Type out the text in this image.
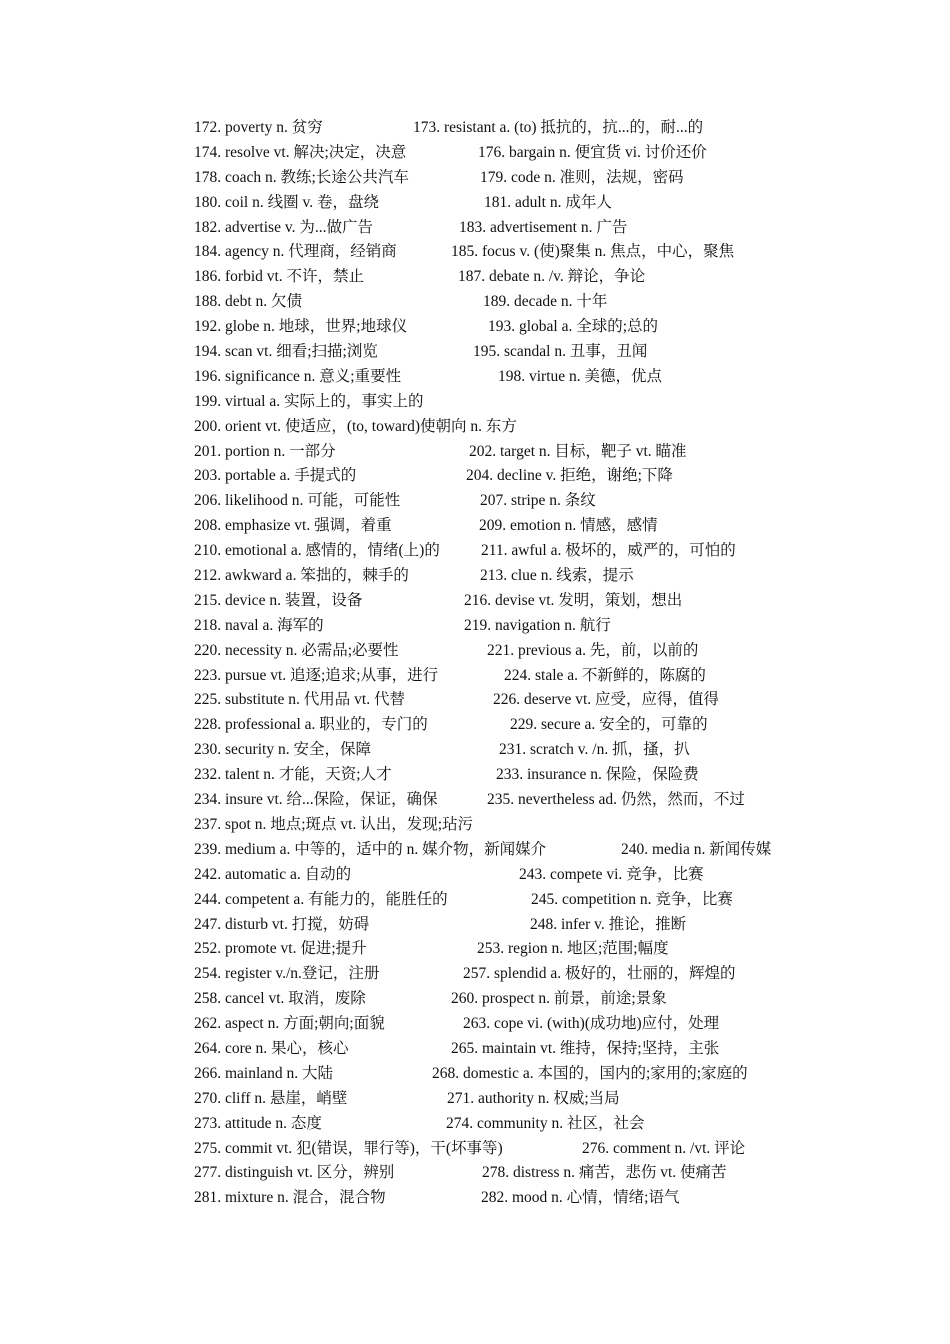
172. poverty n. 贫穷	173. resistant a. (to) 抵抗的，抗...的，耐...的
174. resolve vt. 解决;决定，决意	176. bargain n. 便宜货 vi. 讨价还价
178. coach n. 教练;长途公共汽车	179. code n. 准则，法规，密码
180. coil n. 线圈 v. 卷，盘绕	181. adult n. 成年人
182. advertise v. 为...做广告	183. advertisement n. 广告
184. agency n. 代理商，经销商	185. focus v. (使)聚集 n. 焦点，中心，聚焦
186. forbid vt. 不许，禁止	187. debate n. /v. 辩论，争论
188. debt n. 欠债	189. decade n. 十年
192. globe n. 地球，世界;地球仪	193. global a. 全球的;总的
194. scan vt. 细看;扫描;浏览	195. scandal n. 丑事，丑闻
196. significance n. 意义;重要性	198. virtue n. 美德，优点
199. virtual a. 实际上的，事实上的
200. orient vt. 使适应，(to, toward)使朝向 n. 东方
201. portion n. 一部分	202. target n. 目标，靶子 vt. 瞄准
203. portable a. 手提式的	204. decline v. 拒绝，谢绝;下降
206. likelihood n. 可能，可能性	207. stripe n. 条纹
208. emphasize vt. 强调，着重	209. emotion n. 情感，感情
210. emotional a. 感情的，情绪(上)的	211. awful a. 极坏的，威严的，可怕的
212. awkward a. 笨拙的，棘手的	213. clue n. 线索，提示
215. device n. 装置，设备	216. devise vt. 发明，策划，想出
218. naval a. 海军的	219. navigation n. 航行
220. necessity n. 必需品;必要性	221. previous a. 先，前，以前的
223. pursue vt. 追逐;追求;从事，进行	224. stale a. 不新鲜的，陈腐的
225. substitute n. 代用品 vt. 代替	226. deserve vt. 应受，应得，值得
228. professional a. 职业的，专门的	229. secure a. 安全的，可靠的
230. security n. 安全，保障	231. scratch v. /n. 抓，搔，扒
232. talent n. 才能，天资;人才	233. insurance n. 保险，保险费
234. insure vt. 给...保险，保证，确保	235. nevertheless ad. 仍然，然而，不过
237. spot n. 地点;斑点 vt. 认出，发现;玷污
239. medium a. 中等的，适中的 n. 媒介物，新闻媒介	240. media n. 新闻传媒
242. automatic a. 自动的	243. compete vi. 竞争，比赛
244. competent a. 有能力的，能胜任的	245. competition n. 竞争，比赛
247. disturb vt. 打搅，妨碍	248. infer v. 推论，推断
252. promote vt. 促进;提升	253. region n. 地区;范围;幅度
254. register v./n.登记，注册	257. splendid a. 极好的，壮丽的，辉煌的
258. cancel vt. 取消，废除	260. prospect n. 前景，前途;景象
262. aspect n. 方面;朝向;面貌	263. cope vi. (with)(成功地)应付，处理
264. core n. 果心，核心	265. maintain vt. 维持，保持;坚持，主张
266. mainland n. 大陆	268. domestic a. 本国的，国内的;家用的;家庭的
270. cliff n. 悬崖，峭壁	271. authority n. 权威;当局
273. attitude n. 态度	274. community n. 社区，社会
275. commit vt. 犯(错误，罪行等)，干(坏事等)	276. comment n. /vt. 评论
277. distinguish vt. 区分，辨别	278. distress n. 痛苦，悲伤 vt. 使痛苦
281. mixture n. 混合，混合物	282. mood n. 心情，情绪;语气
